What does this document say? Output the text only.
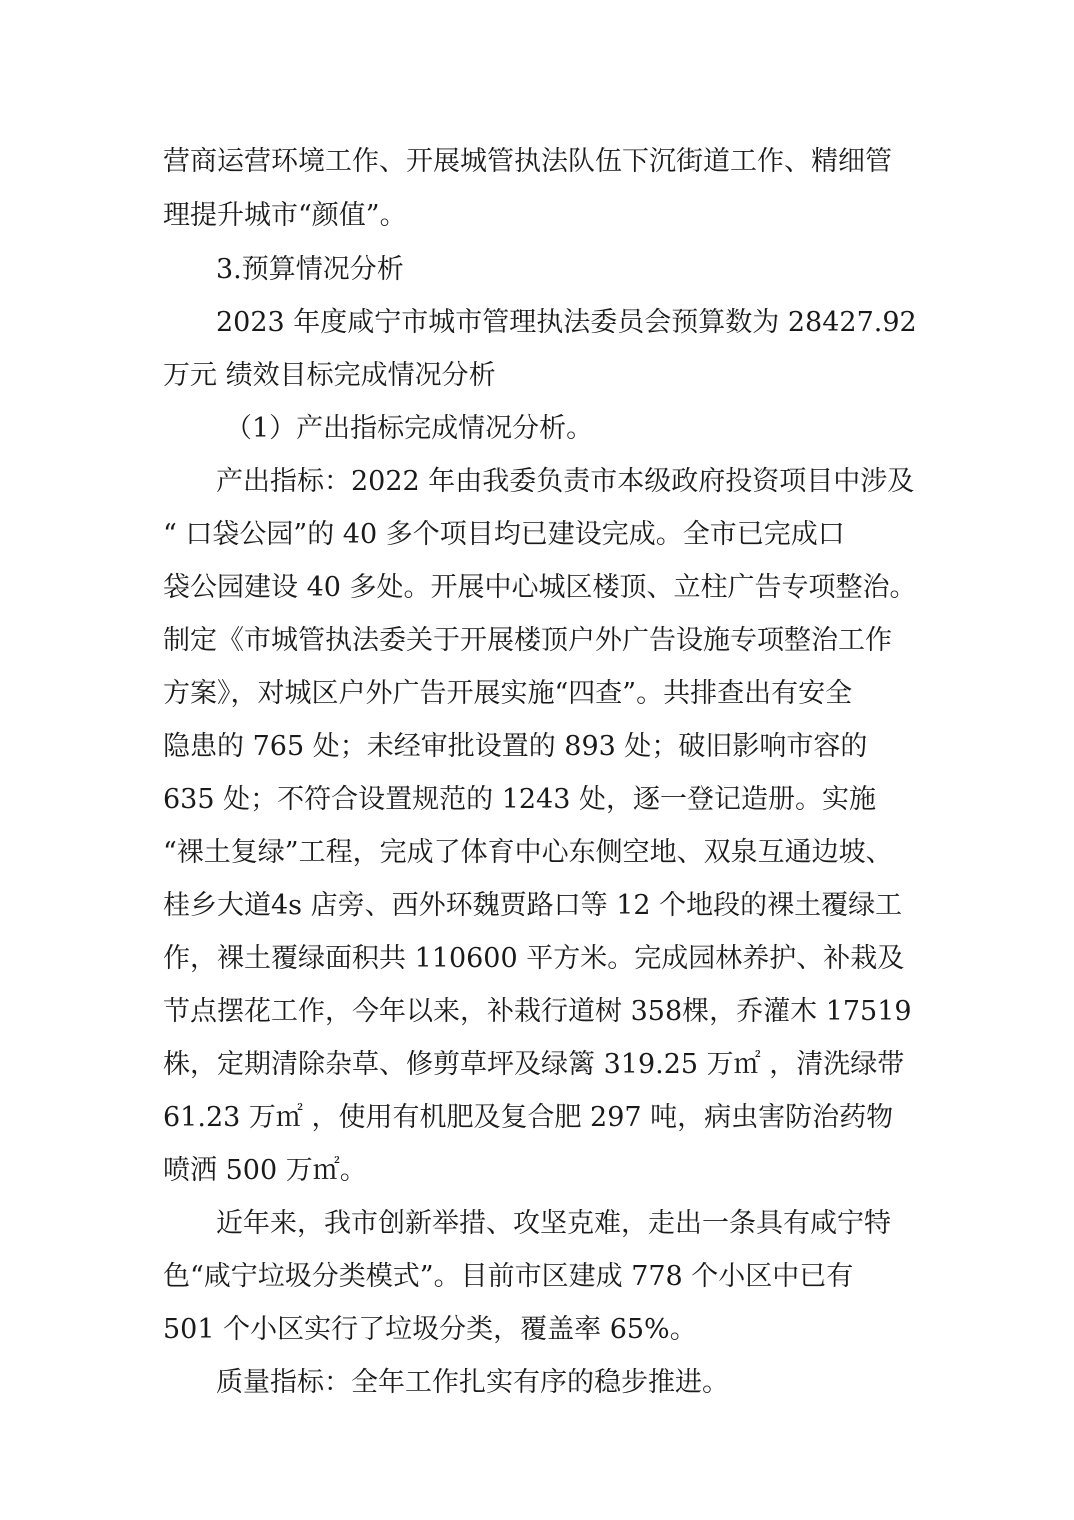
营商运营环境工作、开展城管执法队伍下沉街道工作、精细管
理提升城市“颜值”。
3.预算情况分析
2023 年度咸宁市城市管理执法委员会预算数为 28427.92
万元 绩效目标完成情况分析
（1）产出指标完成情况分析。
产出指标：2022 年由我委负责市本级政府投资项目中涉及
“ 口袋公园”的 40 多个项目均已建设完成。全市已完成口
袋公园建设 40 多处。开展中心城区楼顶、立柱广告专项整治。
制定《市城管执法委关于开展楼顶户外广告设施专项整治工作
方案》，对城区户外广告开展实施“四查”。共排查出有安全
隐患的 765 处；未经审批设置的 893 处；破旧影响市容的
635 处；不符合设置规范的 1243 处，逐一登记造册。实施
“裸土复绿”工程，完成了体育中心东侧空地、双泉互通边坡、
桂乡大道4s 店旁、西外环魏贾路口等 12 个地段的裸土覆绿工
作，裸土覆绿面积共 110600 平方米。完成园林养护、补栽及
节点摆花工作，今年以来，补栽行道树 358棵，乔灌木 17519
株，定期清除杂草、修剪草坪及绿篱 319.25 万㎡ ，清洗绿带
61.23 万㎡ ，使用有机肥及复合肥 297 吨，病虫害防治药物
喷洒 500 万㎡。
近年来，我市创新举措、攻坚克难，走出一条具有咸宁特
色“咸宁垃圾分类模式”。目前市区建成 778 个小区中已有
501 个小区实行了垃圾分类，覆盖率 65%。
质量指标：全年工作扎实有序的稳步推进。
